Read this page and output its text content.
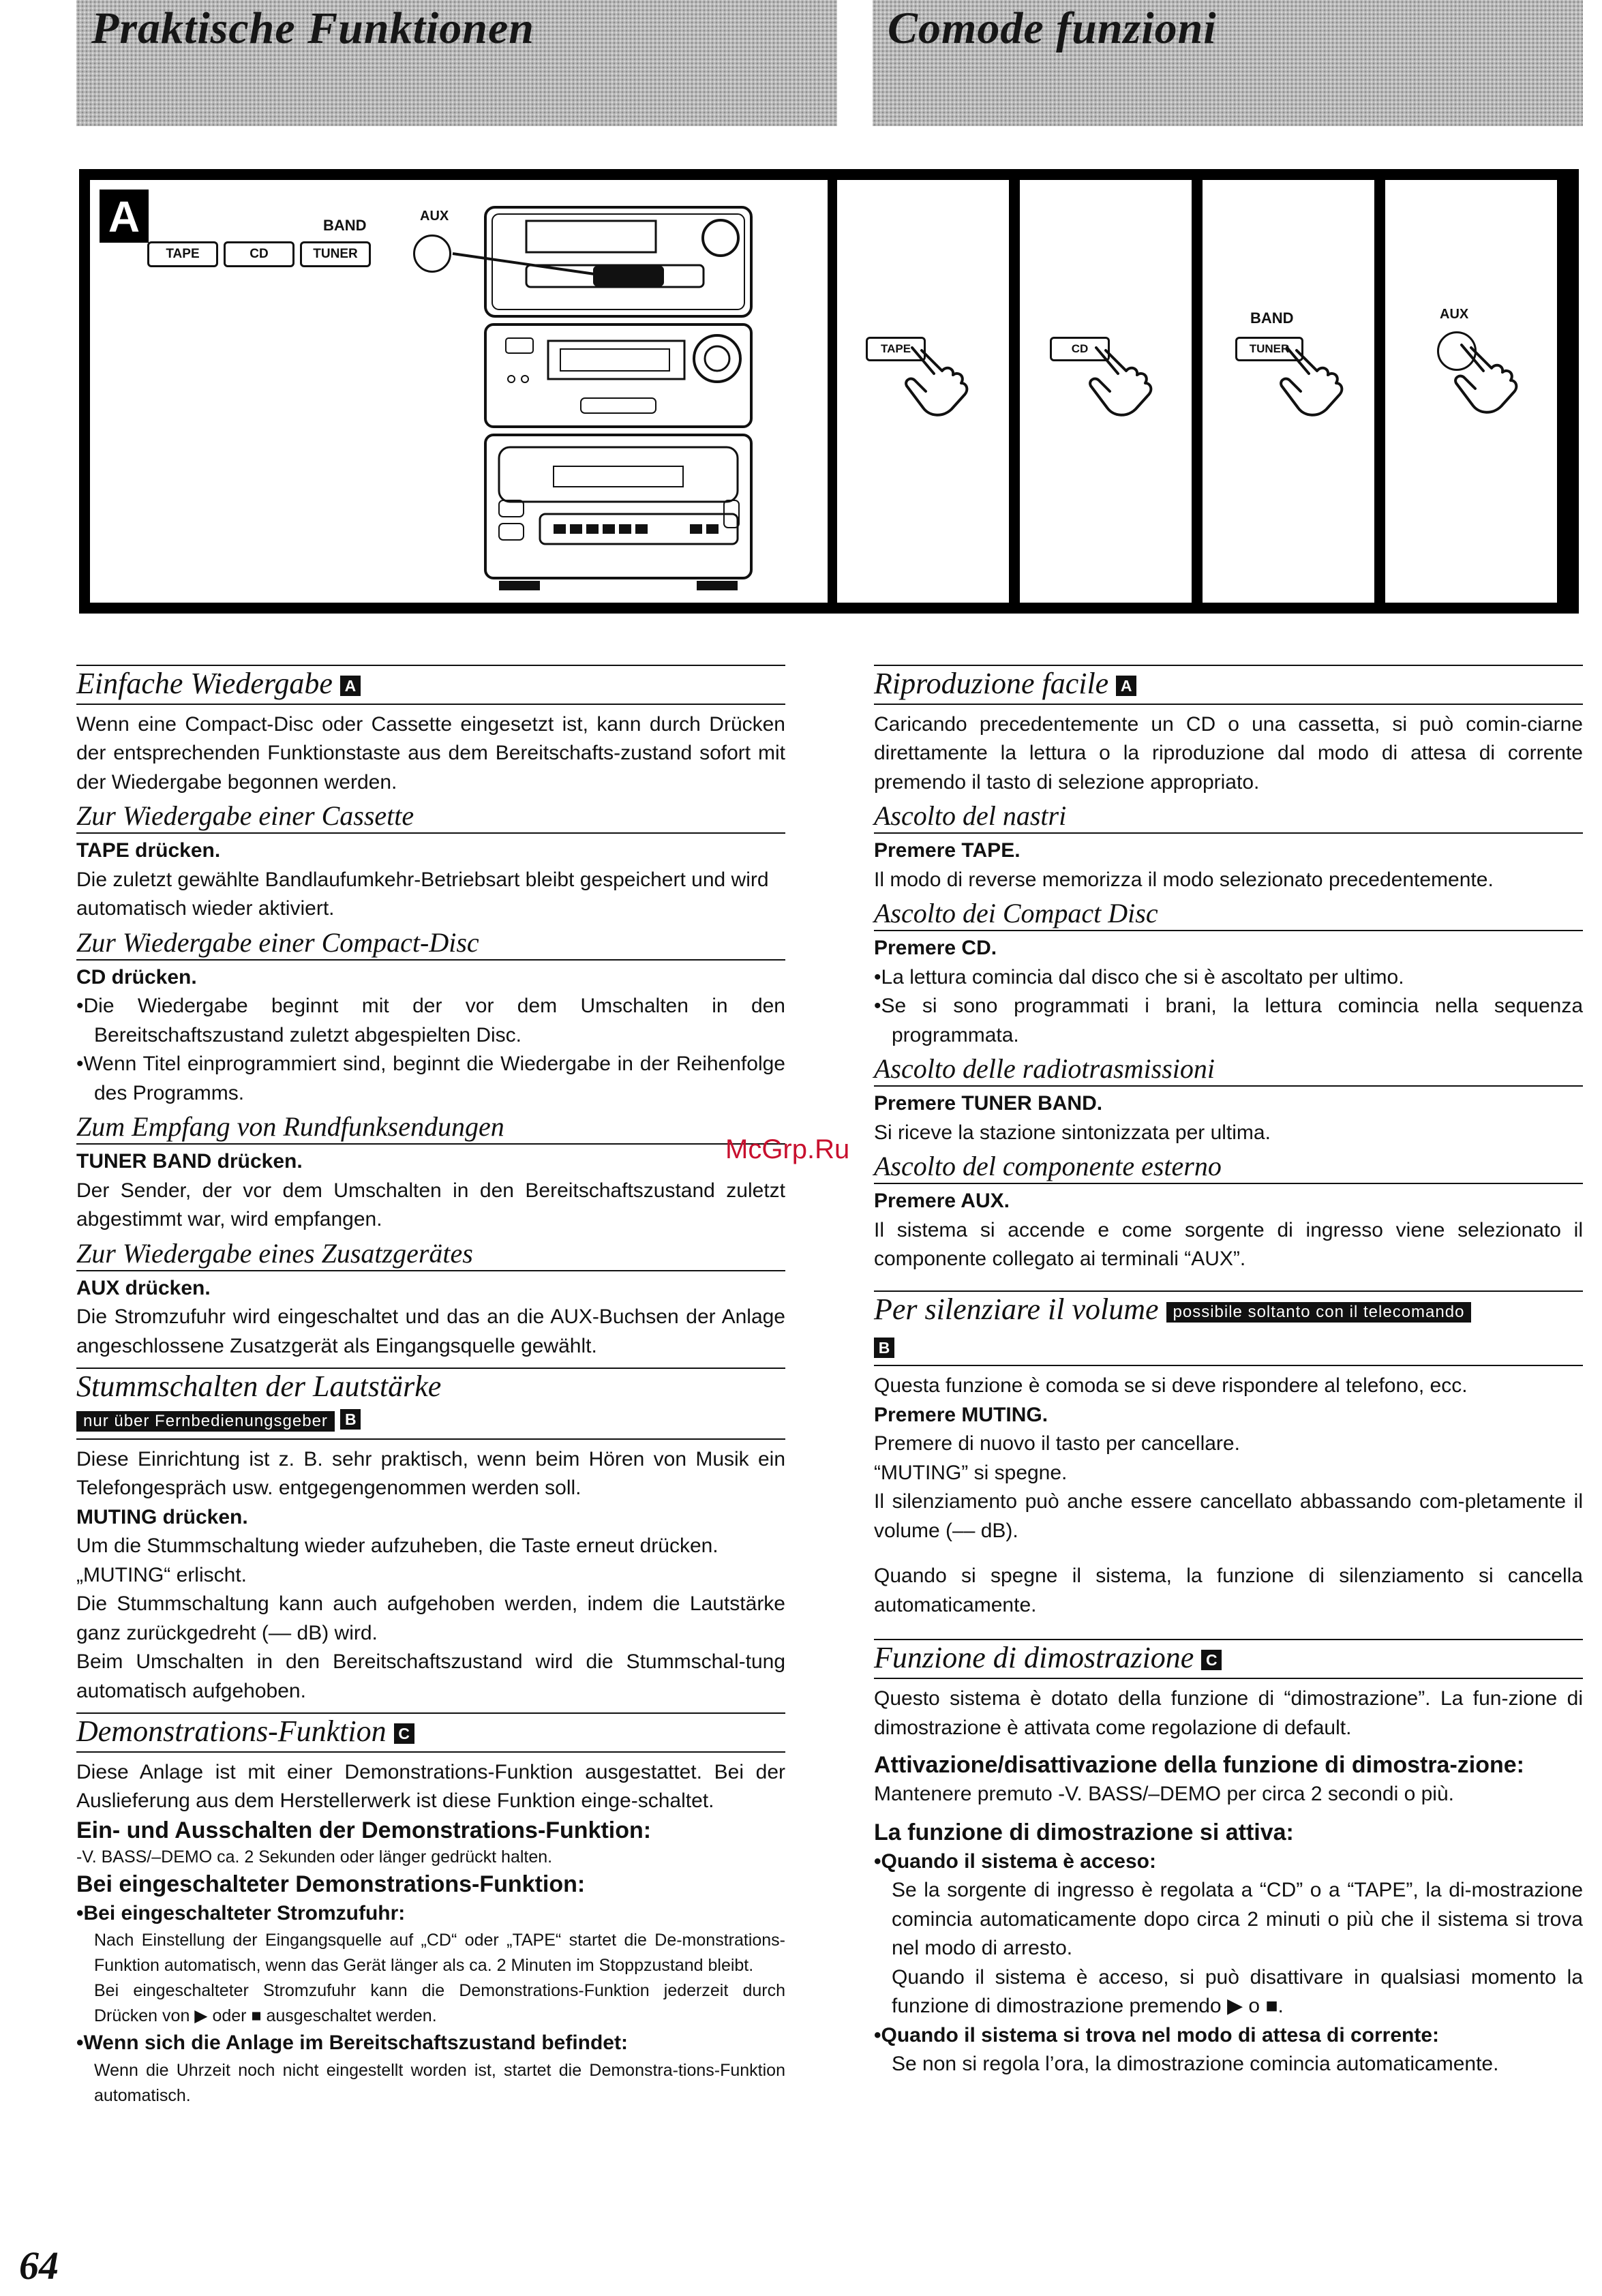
Praktische Funktionen	Comode funzioni
A	BAND
AUX
TAPE	CD	TUNER
TAPE	CD
BAND
TUNER
AUX
Einfache Wiedergabe A

Wenn eine Compact-Disc oder Cassette eingesetzt ist, kann durch Drücken der entsprechenden Funktionstaste aus dem Bereitschafts-zustand sofort mit der Wiedergabe begonnen werden.

Zur Wiedergabe einer Cassette

TAPE drücken.

Die zuletzt gewählte Bandlaufumkehr-Betriebsart bleibt gespeichert und wird automatisch wieder aktiviert.

Zur Wiedergabe einer Compact-Disc

CD drücken.

•Die Wiedergabe beginnt mit der vor dem Umschalten in den Bereitschaftszustand zuletzt abgespielten Disc.

•Wenn Titel einprogrammiert sind, beginnt die Wiedergabe in der Reihenfolge des Programms.

Zum Empfang von Rundfunksendungen

TUNER BAND drücken.

Der Sender, der vor dem Umschalten in den Bereitschaftszustand zuletzt abgestimmt war, wird empfangen.

Zur Wiedergabe eines Zusatzgerätes

AUX drücken.

Die Stromzufuhr wird eingeschaltet und das an die AUX-Buchsen der Anlage angeschlossene Zusatzgerät als Eingangsquelle gewählt.

Stummschalten der Lautstärke
nur über Fernbedienungsgeber B

Diese Einrichtung ist z. B. sehr praktisch, wenn beim Hören von Musik ein Telefongespräch usw. entgegengenommen werden soll.

MUTING drücken.

Um die Stummschaltung wieder aufzuheben, die Taste erneut drücken.

„MUTING“ erlischt.

Die Stummschaltung kann auch aufgehoben werden, indem die Lautstärke ganz zurückgedreht (–– dB) wird.

Beim Umschalten in den Bereitschaftszustand wird die Stummschal-tung automatisch aufgehoben.

Demonstrations-Funktion C

Diese Anlage ist mit einer Demonstrations-Funktion ausgestattet. Bei der Auslieferung aus dem Herstellerwerk ist diese Funktion einge-schaltet.

Ein- und Ausschalten der Demonstrations-Funktion:

-V. BASS/–DEMO ca. 2 Sekunden oder länger gedrückt halten.

Bei eingeschalteter Demonstrations-Funktion:

•Bei eingeschalteter Stromzufuhr:

Nach Einstellung der Eingangsquelle auf „CD“ oder „TAPE“ startet die De-monstrations-Funktion automatisch, wenn das Gerät länger als ca. 2 Minuten im Stoppzustand bleibt.

Bei eingeschalteter Stromzufuhr kann die Demonstrations-Funktion jederzeit durch Drücken von ▶ oder ■ ausgeschaltet werden.

•Wenn sich die Anlage im Bereitschaftszustand befindet:

Wenn die Uhrzeit noch nicht eingestellt worden ist, startet die Demonstra-tions-Funktion automatisch.

McGrp.Ru
Riproduzione facile A

Caricando precedentemente un CD o una cassetta, si può comin-ciarne direttamente la lettura o la riproduzione dal modo di attesa di corrente premendo il tasto di selezione appropriato.

Ascolto del nastri

Premere TAPE.

Il modo di reverse memorizza il modo selezionato precedentemente.

Ascolto dei Compact Disc

Premere CD.

•La lettura comincia dal disco che si è ascoltato per ultimo.

•Se si sono programmati i brani, la lettura comincia nella sequenza programmata.

Ascolto delle radiotrasmissioni

Premere TUNER BAND.

Si riceve la stazione sintonizzata per ultima.

Ascolto del componente esterno

Premere AUX.

Il sistema si accende e come sorgente di ingresso viene selezionato il componente collegato ai terminali “AUX”.

Per silenziare il volume possibile soltanto con il telecomando
B

Questa funzione è comoda se si deve rispondere al telefono, ecc.

Premere MUTING.

Premere di nuovo il tasto per cancellare.

“MUTING” si spegne.

Il silenziamento può anche essere cancellato abbassando com-pletamente il volume (–– dB).

Quando si spegne il sistema, la funzione di silenziamento si cancella automaticamente.

Funzione di dimostrazione C

Questo sistema è dotato della funzione di “dimostrazione”. La fun-zione di dimostrazione è attivata come regolazione di default.

Attivazione/disattivazione della funzione di dimostra-zione:

Mantenere premuto -V. BASS/–DEMO per circa 2 secondi o più.

La funzione di dimostrazione si attiva:

•Quando il sistema è acceso:

Se la sorgente di ingresso è regolata a “CD” o a “TAPE”, la di-mostrazione comincia automaticamente dopo circa 2 minuti o più che il sistema si trova nel modo di arresto.

Quando il sistema è acceso, si può disattivare in qualsiasi momento la funzione di dimostrazione premendo ▶ o ■.

•Quando il sistema si trova nel modo di attesa di corrente:

Se non si regola l’ora, la dimostrazione comincia automaticamente.

64
